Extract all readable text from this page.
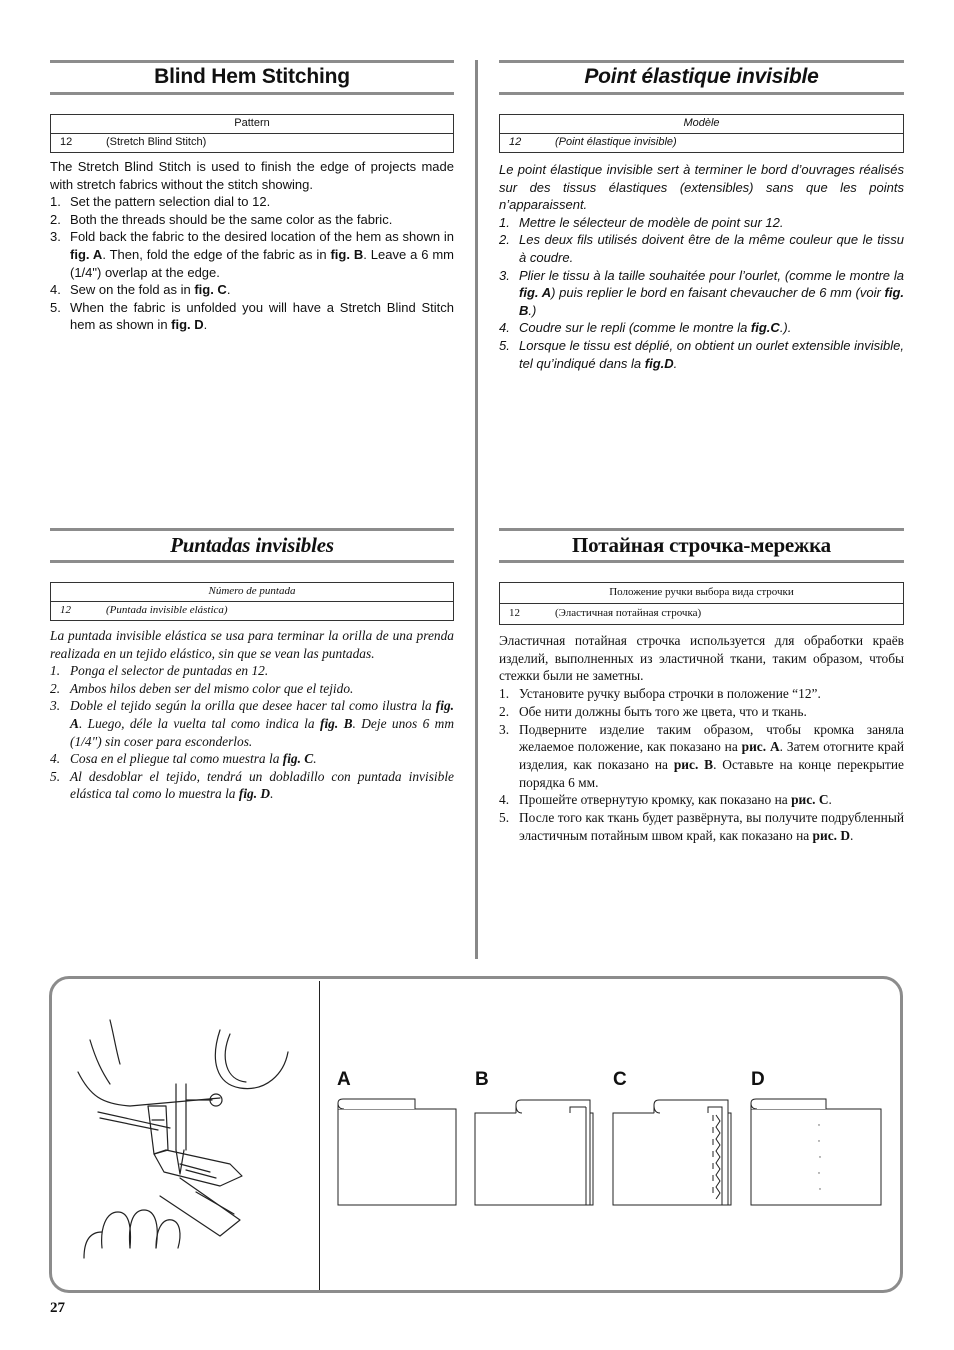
Blind Hem Stitching
Pattern
12	(Stretch Blind Stitch)

The Stretch Blind Stitch is used to finish the edge of projects made with stretch fabrics without the stitch showing.

1. Set the pattern selection dial to 12.
2. Both the threads should be the same color as the fabric.
3. Fold back the fabric to the desired location of the hem as shown in fig. A. Then, fold the edge of the fabric as in fig. B. Leave a 6 mm (1/4") overlap at the edge.
4. Sew on the fold as in fig. C.
5. When the fabric is unfolded you will have a Stretch Blind Stitch hem as shown in fig. D.
Point élastique invisible
Modèle
12	(Point élastique invisible)

Le point élastique invisible sert à terminer le bord d’ouvrages réalisés sur des tissus élastiques (extensibles) sans que les points n’apparaissent.

1. Mettre le sélecteur de modèle de point sur 12.
2. Les deux fils utilisés doivent être de la même couleur que le tissu à coudre.
3. Plier le tissu à la taille souhaitée pour l’ourlet, (comme le montre la fig. A) puis replier le bord en faisant chevaucher de 6 mm (voir fig. B.)
4. Coudre sur le repli (comme le montre la fig.C.).
5. Lorsque le tissu est déplié, on obtient un ourlet extensible invisible, tel qu’indiqué dans la fig.D.
Puntadas invisibles
Número de puntada
12	(Puntada invisible elástica)

La puntada invisible elástica se usa para terminar la orilla de una prenda realizada en un tejido elástico, sin que se vean las puntadas.

1. Ponga el selector de puntadas en 12.
2. Ambos hilos deben ser del mismo color que el tejido.
3. Doble el tejido según la orilla que desee hacer tal como ilustra la fig. A. Luego, déle la vuelta tal como indica la fig. B. Deje unos 6 mm (1/4") sin coser para esconderlos.
4. Cosa en el pliegue tal como muestra la fig. C.
5. Al desdoblar el tejido, tendrá un dobladillo con puntada invisible elástica tal como lo muestra la fig. D.
Потайная строчка-мережка
Положение ручки выбора вида строчки
12	(Эластичная потайная строчка)

Эластичная потайная строчка используется для обработки краёв изделий, выполненных из эластичной ткани, таким образом, чтобы стежки были не заметны.

1. Установите ручку выбора строчки в положение “12”.
2. Обе нити должны быть того же цвета, что и ткань.
3. Подверните изделие таким образом, чтобы кромка заняла желаемое положение, как показано на рис. A. Затем отогните край изделия, как показано на рис. B. Оставьте на конце перекрытие порядка 6 мм.
4. Прошейте отвернутую кромку, как показано на рис. C.
5. После того как ткань будет развёрнута, вы получите подрубленный эластичным потайным швом край, как показано на рис. D.
A	B	C	D
27
